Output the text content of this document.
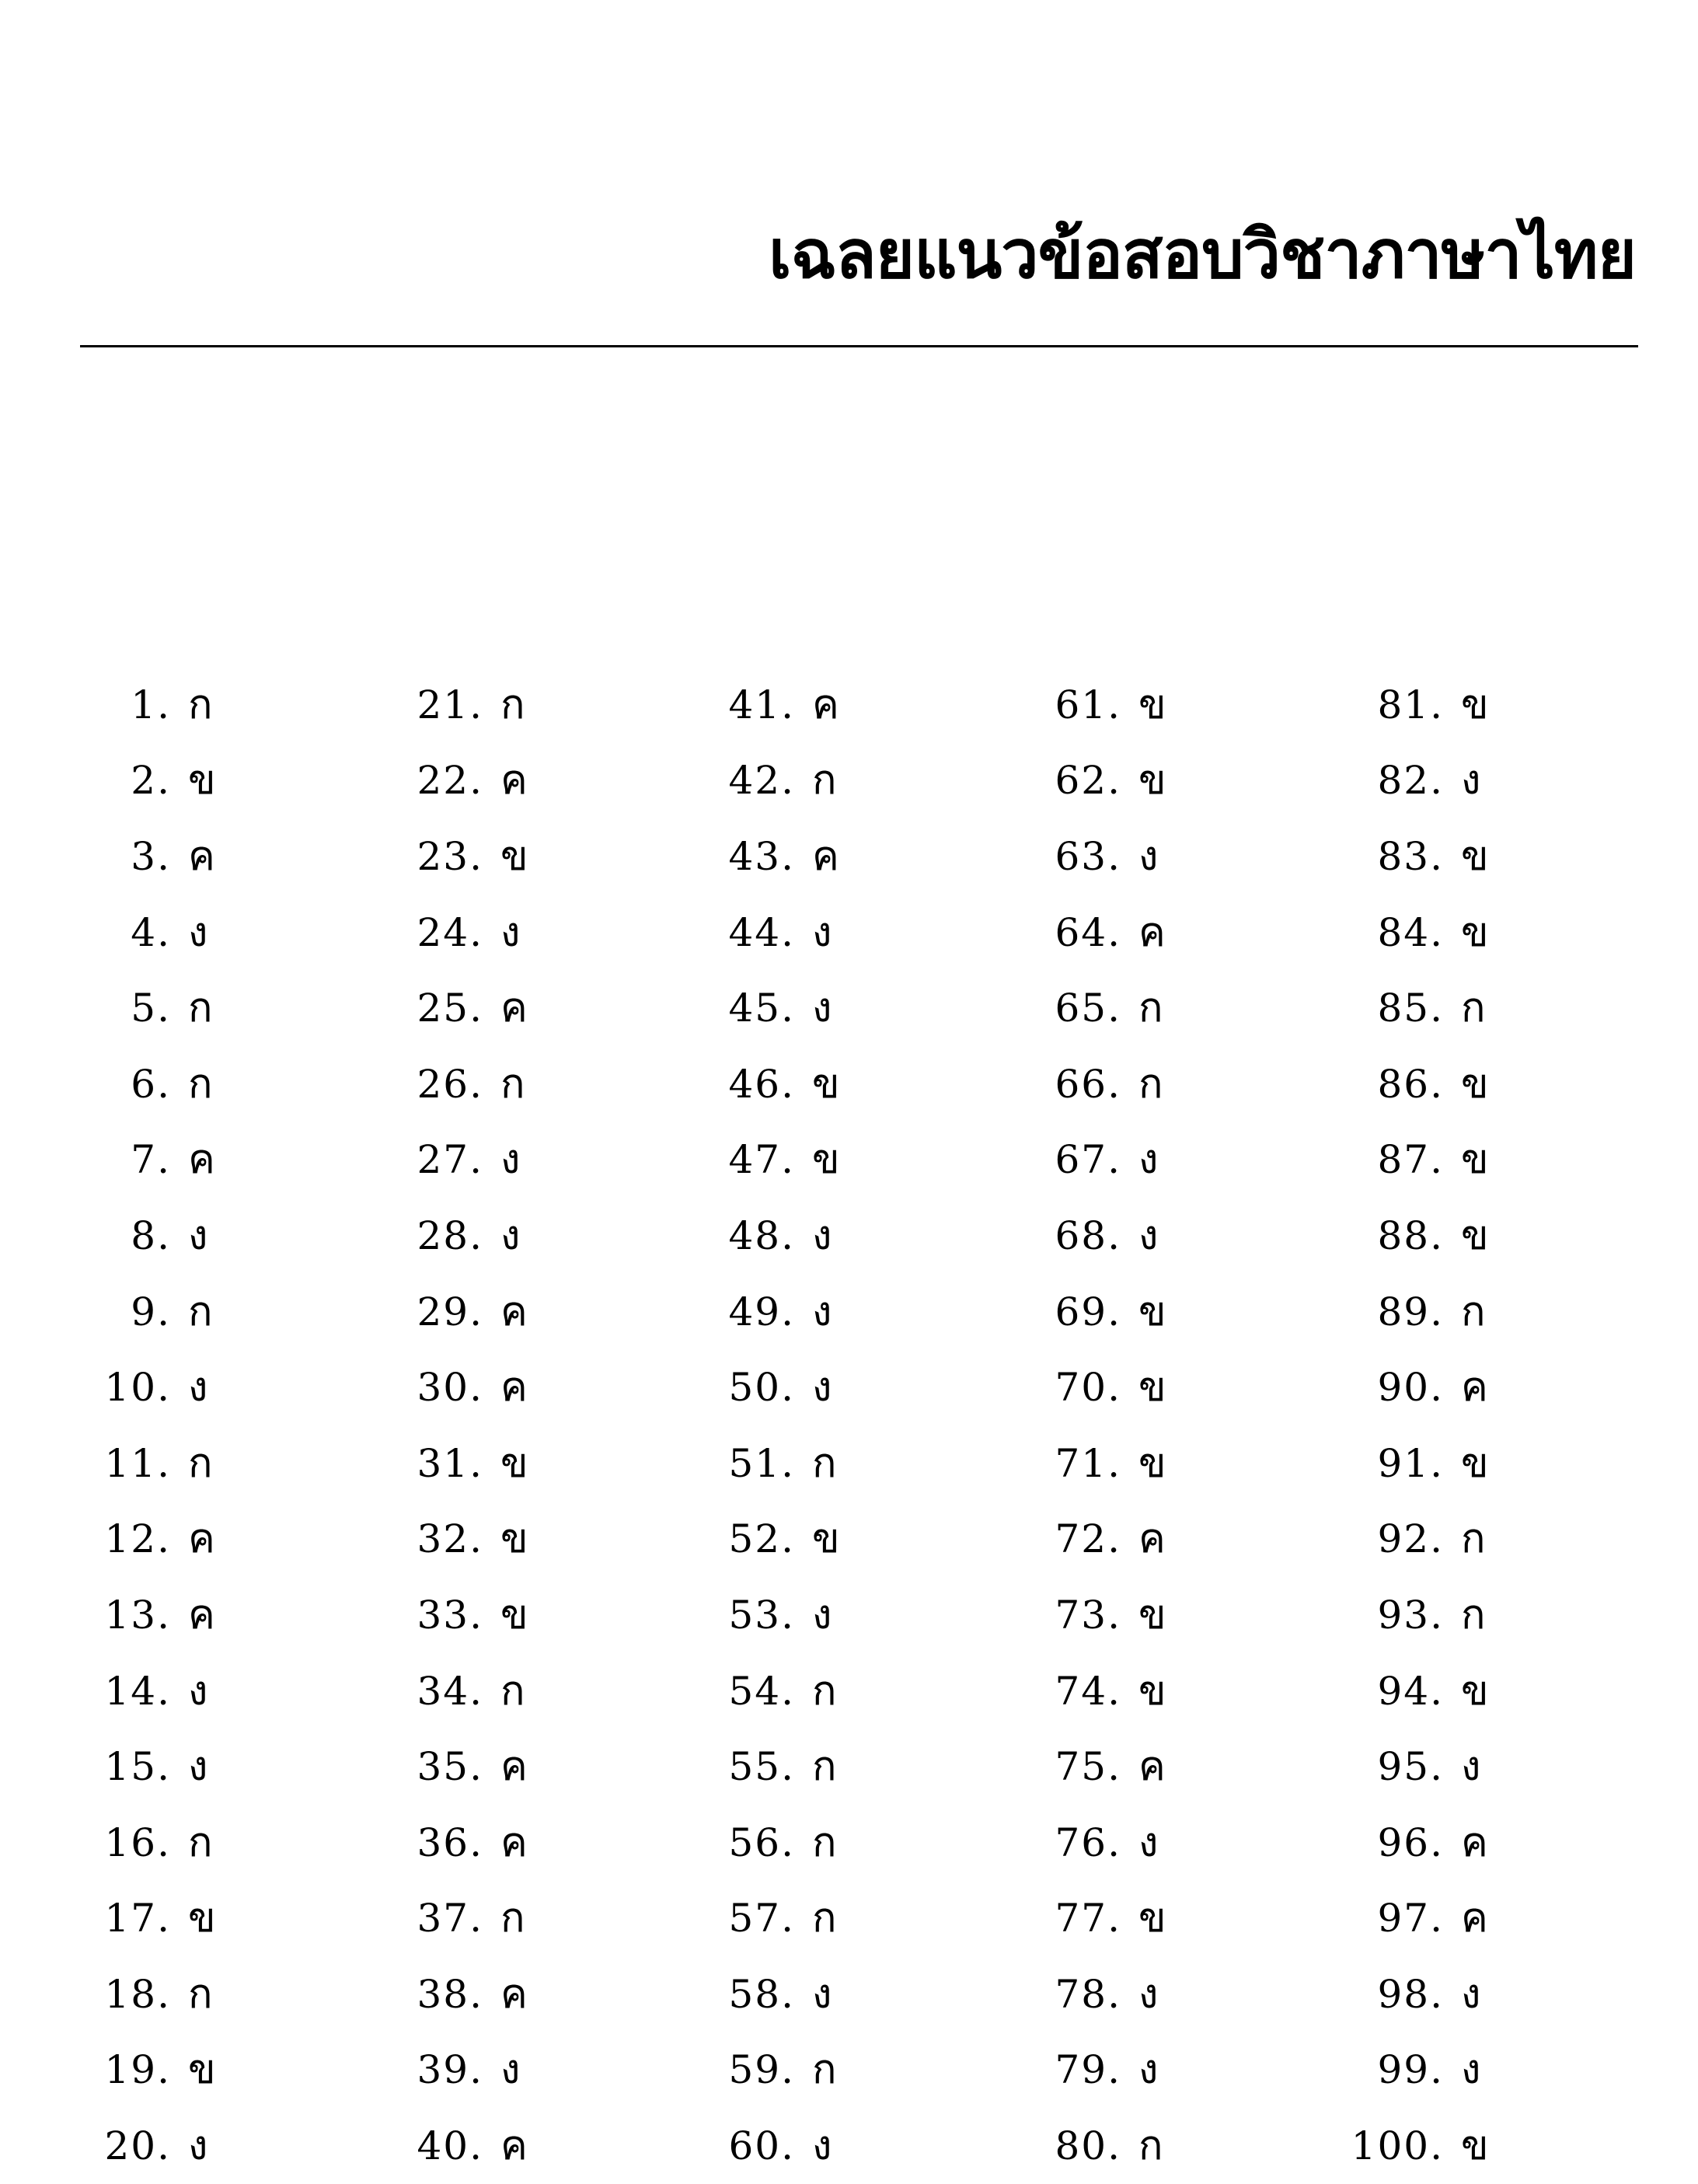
เฉลยแนวข้อสอบวิชาภาษาไทย
1. ก
2. ข
3. ค
4. ง
5. ก
6. ก
7. ค
8. ง
9. ก
10. ง
11. ก
12. ค
13. ค
14. ง
15. ง
16. ก
17. ข
18. ก
19. ข
20. ง
21. ก
22. ค
23. ข
24. ง
25. ค
26. ก
27. ง
28. ง
29. ค
30. ค
31. ข
32. ข
33. ข
34. ก
35. ค
36. ค
37. ก
38. ค
39. ง
40. ค
41. ค
42. ก
43. ค
44. ง
45. ง
46. ข
47. ข
48. ง
49. ง
50. ง
51. ก
52. ข
53. ง
54. ก
55. ก
56. ก
57. ก
58. ง
59. ก
60. ง
61. ข
62. ข
63. ง
64. ค
65. ก
66. ก
67. ง
68. ง
69. ข
70. ข
71. ข
72. ค
73. ข
74. ข
75. ค
76. ง
77. ข
78. ง
79. ง
80. ก
81. ข
82. ง
83. ข
84. ข
85. ก
86. ข
87. ข
88. ข
89. ก
90. ค
91. ข
92. ก
93. ก
94. ข
95. ง
96. ค
97. ค
98. ง
99. ง
100. ข
